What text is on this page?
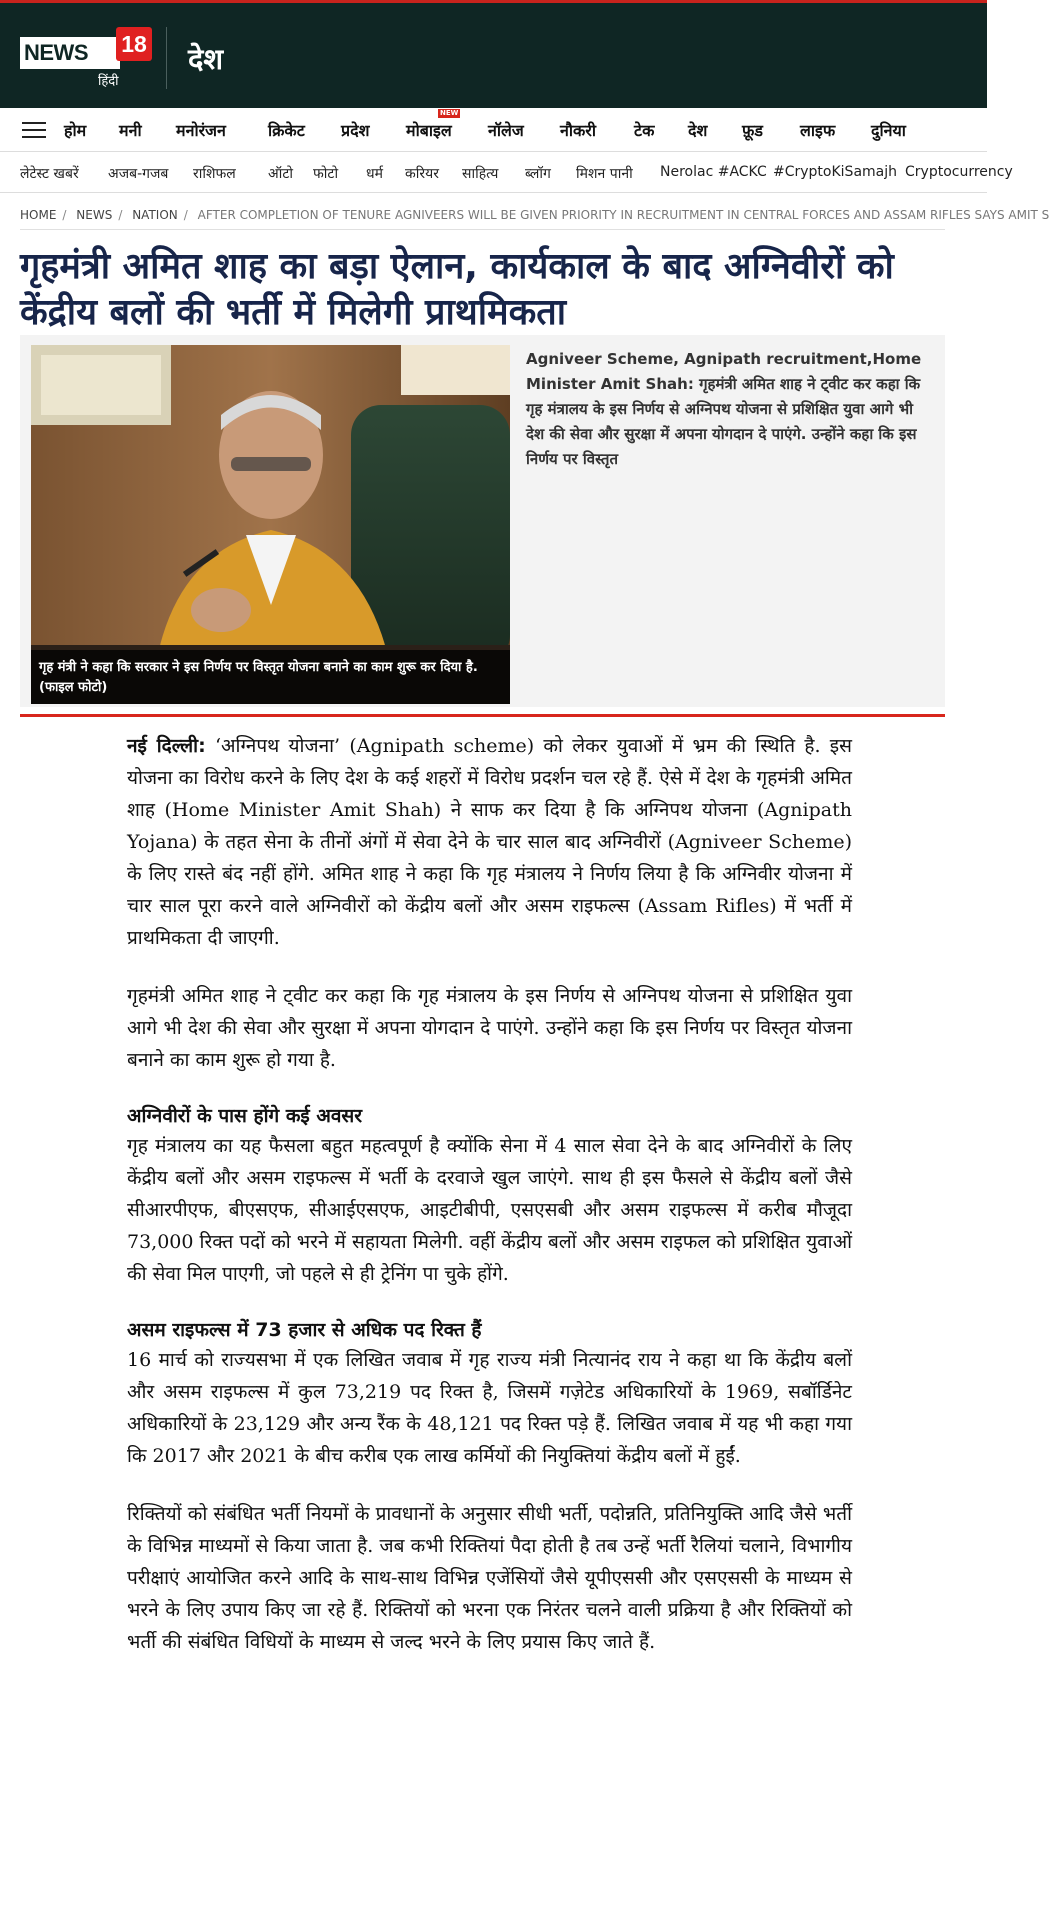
NEWS	18
हिंदी
देश
होम मनी मनोरंजन	क्रिकेट प्रदेश मोबाइल
NEW
नॉलेज नौकरी टेक देश फ़ूड लाइफ दुनिया
लेटेस्ट खबरें अजब-गजब राशिफल ऑटो फोटो धर्म करियर साहित्य ब्लॉग मिशन पानी Nerolac #ACKC #CryptoKiSamajh Cryptocurrency
HOME / NEWS / NATION / AFTER COMPLETION OF TENURE AGNIVEERS WILL BE GIVEN PRIORITY IN RECRUITMENT IN CENTRAL FORCES AND ASSAM RIFLES SAYS AMIT S
गृहमंत्री अमित शाह का बड़ा ऐलान, कार्यकाल के बाद अग्निवीरों को केंद्रीय बलों की भर्ती में मिलेगी प्राथमिकता
गृह मंत्री ने कहा कि सरकार ने इस निर्णय पर विस्तृत योजना बनाने का काम शुरू कर दिया है. (फाइल फोटो)

Agniveer Scheme, Agnipath recruitment,Home Minister Amit Shah: गृहमंत्री अमित शाह ने ट्वीट कर कहा कि गृह मंत्रालय के इस निर्णय से अग्निपथ योजना से प्रशिक्षित युवा आगे भी देश की सेवा और सुरक्षा में अपना योगदान दे पाएंगे. उन्होंने कहा कि इस निर्णय पर विस्तृत

नई दिल्ली: ‘अग्निपथ योजना’ (Agnipath scheme) को लेकर युवाओं में भ्रम की स्थिति है. इस योजना का विरोध करने के लिए देश के कई शहरों में विरोध प्रदर्शन चल रहे हैं. ऐसे में देश के गृहमंत्री अमित शाह (Home Minister Amit Shah) ने साफ कर दिया है कि अग्निपथ योजना (Agnipath Yojana) के तहत सेना के तीनों अंगों में सेवा देने के चार साल बाद अग्निवीरों (Agniveer Scheme) के लिए रास्ते बंद नहीं होंगे. अमित शाह ने कहा कि गृह मंत्रालय ने निर्णय लिया है कि अग्निवीर योजना में चार साल पूरा करने वाले अग्निवीरों को केंद्रीय बलों और असम राइफल्स (Assam Rifles) में भर्ती में प्राथमिकता दी जाएगी.

गृहमंत्री अमित शाह ने ट्वीट कर कहा कि गृह मंत्रालय के इस निर्णय से अग्निपथ योजना से प्रशिक्षित युवा आगे भी देश की सेवा और सुरक्षा में अपना योगदान दे पाएंगे. उन्होंने कहा कि इस निर्णय पर विस्तृत योजना बनाने का काम शुरू हो गया है.

अग्निवीरों के पास होंगे कई अवसर

गृह मंत्रालय का यह फैसला बहुत महत्वपूर्ण है क्योंकि सेना में 4 साल सेवा देने के बाद अग्निवीरों के लिए केंद्रीय बलों और असम राइफल्स में भर्ती के दरवाजे खुल जाएंगे. साथ ही इस फैसले से केंद्रीय बलों जैसे सीआरपीएफ, बीएसएफ, सीआईएसएफ, आइटीबीपी, एसएसबी और असम राइफल्स में करीब मौजूदा 73,000 रिक्त पदों को भरने में सहायता मिलेगी. वहीं केंद्रीय बलों और असम राइफल को प्रशिक्षित युवाओं की सेवा मिल पाएगी, जो पहले से ही ट्रेनिंग पा चुके होंगे.

असम राइफल्स में 73 हजार से अधिक पद रिक्त हैं

16 मार्च को राज्यसभा में एक लिखित जवाब में गृह राज्य मंत्री नित्यानंद राय ने कहा था कि केंद्रीय बलों और असम राइफल्स में कुल 73,219 पद रिक्त है, जिसमें गज़ेटेड अधिकारियों के 1969, सबॉर्डिनेट अधिकारियों के 23,129 और अन्य रैंक के 48,121 पद रिक्त पड़े हैं. लिखित जवाब में यह भी कहा गया कि 2017 और 2021 के बीच करीब एक लाख कर्मियों की नियुक्तियां केंद्रीय बलों में हुईं.

रिक्तियों को संबंधित भर्ती नियमों के प्रावधानों के अनुसार सीधी भर्ती, पदोन्नति, प्रतिनियुक्ति आदि जैसे भर्ती के विभिन्न माध्यमों से किया जाता है. जब कभी रिक्तियां पैदा होती है तब उन्हें भर्ती रैलियां चलाने, विभागीय परीक्षाएं आयोजित करने आदि के साथ-साथ विभिन्न एजेंसियों जैसे यूपीएससी और एसएससी के माध्यम से भरने के लिए उपाय किए जा रहे हैं. रिक्तियों को भरना एक निरंतर चलने वाली प्रक्रिया है और रिक्तियों को भर्ती की संबंधित विधियों के माध्यम से जल्द भरने के लिए प्रयास किए जाते हैं.
